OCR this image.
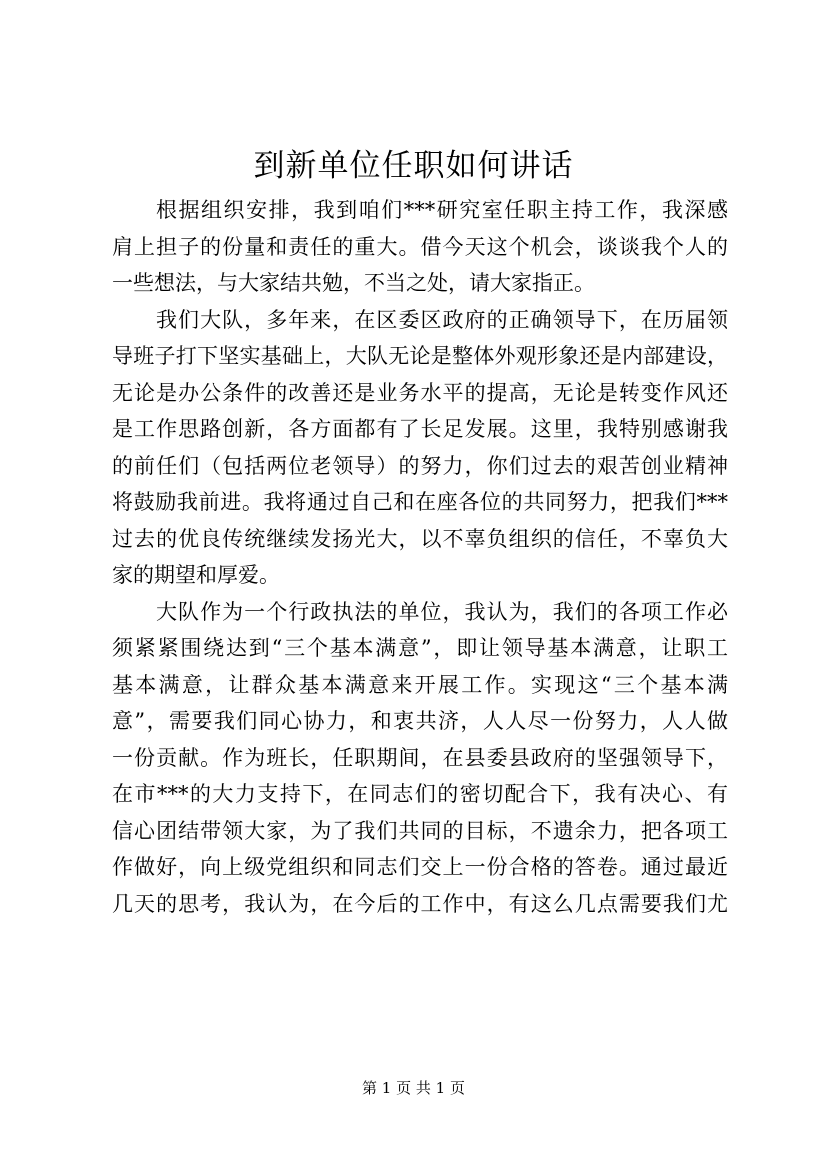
到新单位任职如何讲话
根据组织安排，我到咱们***研究室任职主持工作，我深感
肩上担子的份量和责任的重大。借今天这个机会，谈谈我个人的
一些想法，与大家结共勉，不当之处，请大家指正。
我们大队，多年来，在区委区政府的正确领导下，在历届领
导班子打下坚实基础上，大队无论是整体外观形象还是内部建设，
无论是办公条件的改善还是业务水平的提高，无论是转变作风还
是工作思路创新，各方面都有了长足发展。这里，我特别感谢我
的前任们（包括两位老领导）的努力，你们过去的艰苦创业精神
将鼓励我前进。我将通过自己和在座各位的共同努力，把我们***
过去的优良传统继续发扬光大，以不辜负组织的信任，不辜负大
家的期望和厚爱。
大队作为一个行政执法的单位，我认为，我们的各项工作必
须紧紧围绕达到“三个基本满意”，即让领导基本满意，让职工
基本满意，让群众基本满意来开展工作。实现这“三个基本满
意”，需要我们同心协力，和衷共济，人人尽一份努力，人人做
一份贡献。作为班长，任职期间，在县委县政府的坚强领导下，
在市***的大力支持下，在同志们的密切配合下，我有决心、有
信心团结带领大家，为了我们共同的目标，不遗余力，把各项工
作做好，向上级党组织和同志们交上一份合格的答卷。通过最近
几天的思考，我认为，在今后的工作中，有这么几点需要我们尤
第 1 页 共 1 页
